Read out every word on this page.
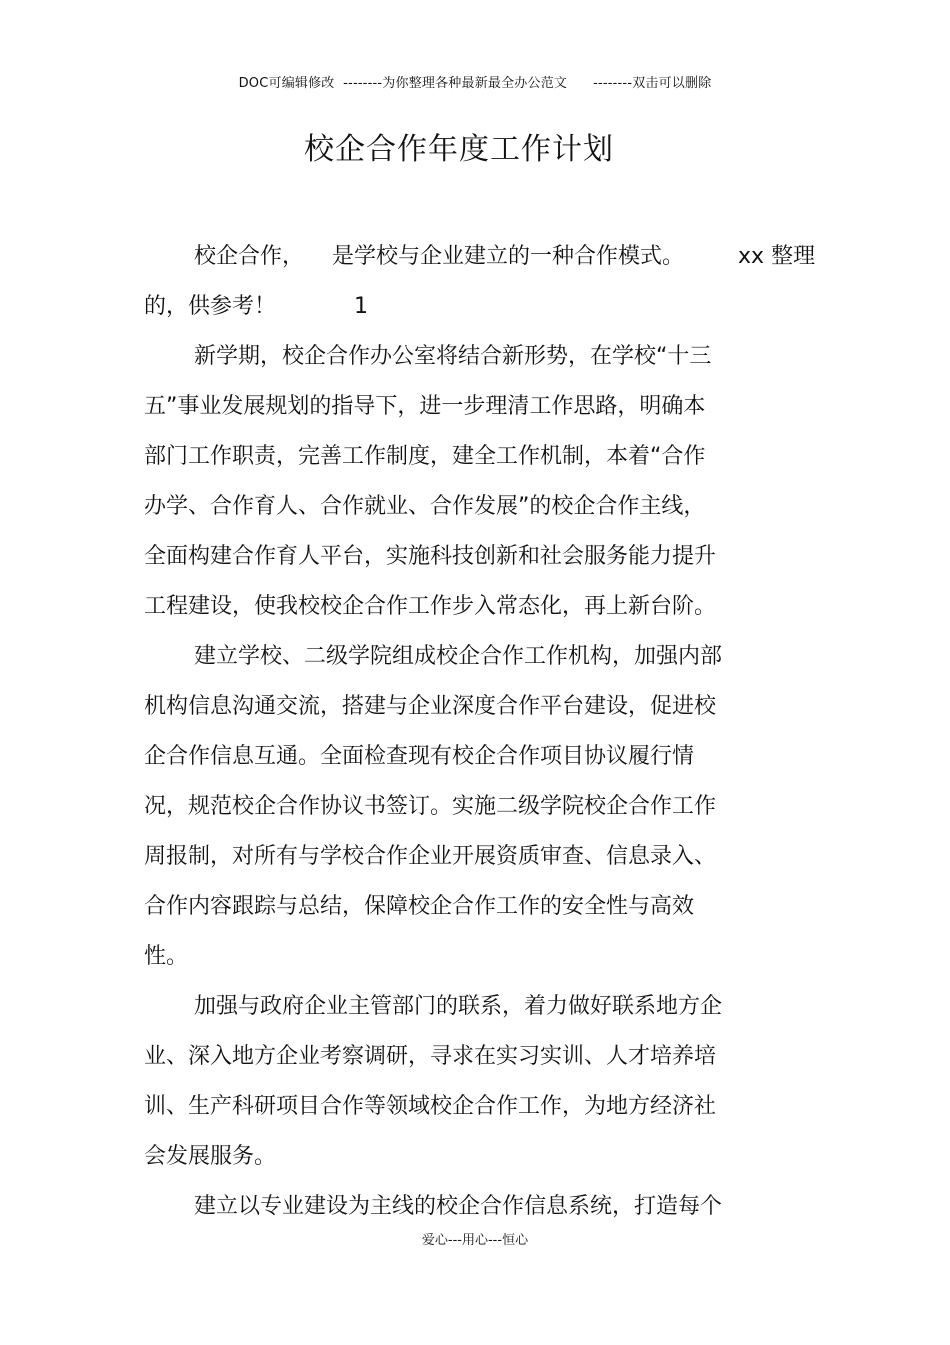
DOC可编辑修改  --------为你整理各种最新最全办公范文      --------双击可以删除
校企合作年度工作计划
校企合作， 是学校与企业建立的一种合作模式。 xx 整理
的，供参考！	1
新学期，校企合作办公室将结合新形势，在学校“十三
五”事业发展规划的指导下，进一步理清工作思路，明确本
部门工作职责，完善工作制度，建全工作机制，本着“合作
办学、合作育人、合作就业、合作发展”的校企合作主线，
全面构建合作育人平台，实施科技创新和社会服务能力提升
工程建设，使我校校企合作工作步入常态化，再上新台阶。
建立学校、二级学院组成校企合作工作机构，加强内部
机构信息沟通交流，搭建与企业深度合作平台建设，促进校
企合作信息互通。全面检查现有校企合作项目协议履行情
况，规范校企合作协议书签订。实施二级学院校企合作工作
周报制，对所有与学校合作企业开展资质审查、信息录入、
合作内容跟踪与总结，保障校企合作工作的安全性与高效
性。
加强与政府企业主管部门的联系，着力做好联系地方企
业、深入地方企业考察调研，寻求在实习实训、人才培养培
训、生产科研项目合作等领域校企合作工作，为地方经济社
会发展服务。
建立以专业建设为主线的校企合作信息系统，打造每个
爱心---用心---恒心
